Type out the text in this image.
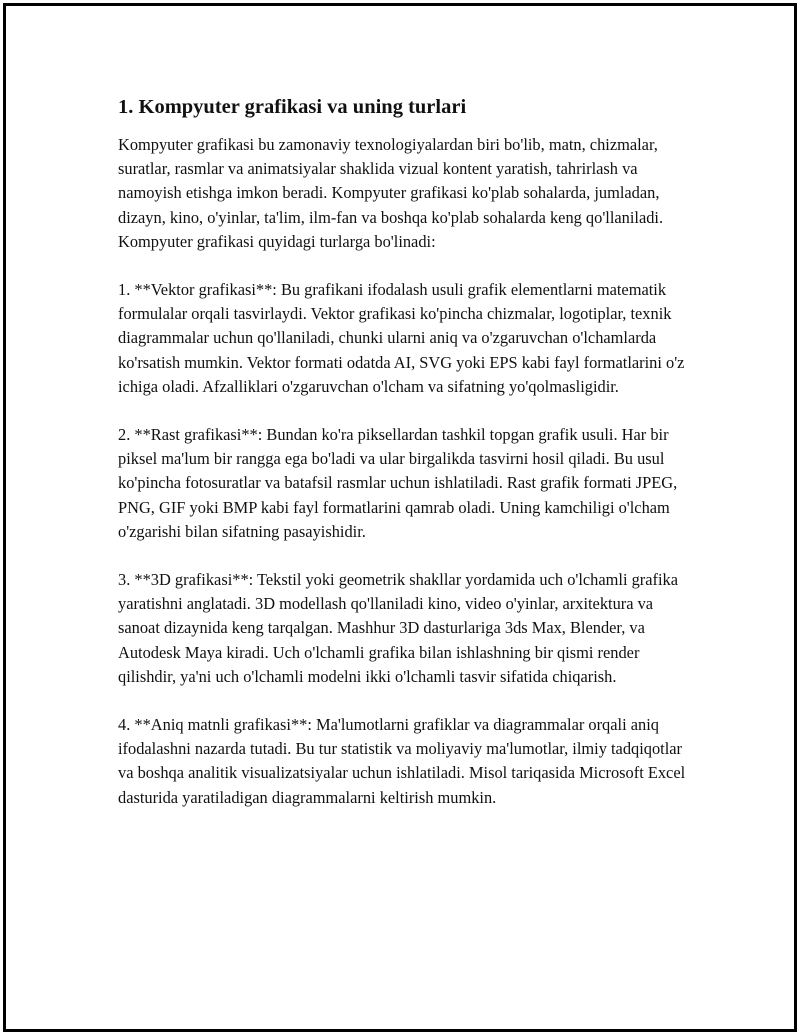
1. Kompyuter grafikasi va uning turlari

Kompyuter grafikasi bu zamonaviy texnologiyalardan biri bo'lib, matn, chizmalar, suratlar, rasmlar va animatsiyalar shaklida vizual kontent yaratish, tahrirlash va namoyish etishga imkon beradi. Kompyuter grafikasi ko'plab sohalarda, jumladan, dizayn, kino, o'yinlar, ta'lim, ilm-fan va boshqa ko'plab sohalarda keng qo'llaniladi. Kompyuter grafikasi quyidagi turlarga bo'linadi:

1. **Vektor grafikasi**: Bu grafikani ifodalash usuli grafik elementlarni matematik formulalar orqali tasvirlaydi. Vektor grafikasi ko'pincha chizmalar, logotiplar, texnik diagrammalar uchun qo'llaniladi, chunki ularni aniq va o'zgaruvchan o'lchamlarda ko'rsatish mumkin. Vektor formati odatda AI, SVG yoki EPS kabi fayl formatlarini o'z ichiga oladi. Afzalliklari o'zgaruvchan o'lcham va sifatning yo'qolmasligidir.

2. **Rast grafikasi**: Bundan ko'ra piksellardan tashkil topgan grafik usuli. Har bir piksel ma'lum bir rangga ega bo'ladi va ular birgalikda tasvirni hosil qiladi. Bu usul ko'pincha fotosuratlar va batafsil rasmlar uchun ishlatiladi. Rast grafik formati JPEG, PNG, GIF yoki BMP kabi fayl formatlarini qamrab oladi. Uning kamchiligi o'lcham o'zgarishi bilan sifatning pasayishidir.

3. **3D grafikasi**: Tekstil yoki geometrik shakllar yordamida uch o'lchamli grafika yaratishni anglatadi. 3D modellash qo'llaniladi kino, video o'yinlar, arxitektura va sanoat dizaynida keng tarqalgan. Mashhur 3D dasturlariga 3ds Max, Blender, va Autodesk Maya kiradi. Uch o'lchamli grafika bilan ishlashning bir qismi render qilishdir, ya'ni uch o'lchamli modelni ikki o'lchamli tasvir sifatida chiqarish.

4. **Aniq matnli grafikasi**: Ma'lumotlarni grafiklar va diagrammalar orqali aniq ifodalashni nazarda tutadi. Bu tur statistik va moliyaviy ma'lumotlar, ilmiy tadqiqotlar va boshqa analitik visualizatsiyalar uchun ishlatiladi. Misol tariqasida Microsoft Excel dasturida yaratiladigan diagrammalarni keltirish mumkin.
